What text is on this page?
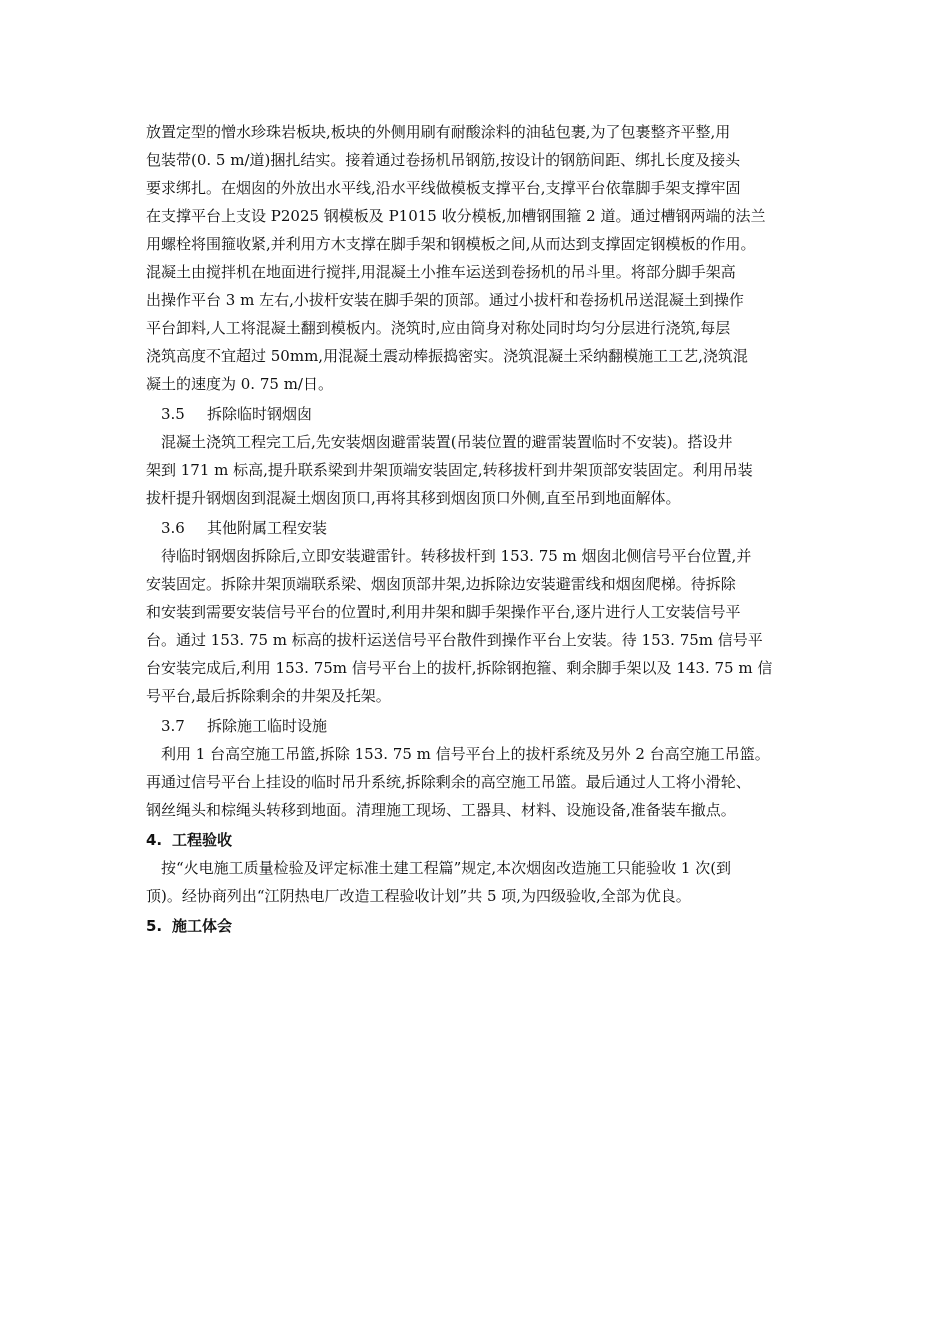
放置定型的憎水珍珠岩板块,板块的外侧用刷有耐酸涂料的油毡包裹,为了包裹整齐平整,用
包装带(0. 5 m/道)捆扎结实。接着通过卷扬机吊钢筋,按设计的钢筋间距、绑扎长度及接头
要求绑扎。在烟囱的外放出水平线,沿水平线做模板支撑平台,支撑平台依靠脚手架支撑牢固
在支撑平台上支设 P2025 钢模板及 P1015 收分模板,加槽钢围箍 2 道。通过槽钢两端的法兰
用螺栓将围箍收紧,并利用方木支撑在脚手架和钢模板之间,从而达到支撑固定钢模板的作用。
混凝土由搅拌机在地面进行搅拌,用混凝土小推车运送到卷扬机的吊斗里。将部分脚手架高
出操作平台 3 m 左右,小拔杆安装在脚手架的顶部。通过小拔杆和卷扬机吊送混凝土到操作
平台卸料,人工将混凝土翻到模板内。浇筑时,应由筒身对称处同时均匀分层进行浇筑,每层
浇筑高度不宜超过 50mm,用混凝土震动棒振捣密实。浇筑混凝土采纳翻模施工工艺,浇筑混
凝土的速度为 0. 75 m/日。
3.5 拆除临时钢烟囱
混凝土浇筑工程完工后,先安装烟囱避雷装置(吊装位置的避雷装置临时不安装)。搭设井
架到 171 m 标高,提升联系梁到井架顶端安装固定,转移拔杆到井架顶部安装固定。利用吊装
拔杆提升钢烟囱到混凝土烟囱顶口,再将其移到烟囱顶口外侧,直至吊到地面解体。
3.6 其他附属工程安装
待临时钢烟囱拆除后,立即安装避雷针。转移拔杆到 153. 75 m 烟囱北侧信号平台位置,并
安装固定。拆除井架顶端联系梁、烟囱顶部井架,边拆除边安装避雷线和烟囱爬梯。待拆除
和安装到需要安装信号平台的位置时,利用井架和脚手架操作平台,逐片进行人工安装信号平
台。通过 153. 75 m 标高的拔杆运送信号平台散件到操作平台上安装。待 153. 75m 信号平
台安装完成后,利用 153. 75m 信号平台上的拔杆,拆除钢抱箍、剩余脚手架以及 143. 75 m 信
号平台,最后拆除剩余的井架及托架。
3.7 拆除施工临时设施
利用 1 台高空施工吊篮,拆除 153. 75 m 信号平台上的拔杆系统及另外 2 台高空施工吊篮。
再通过信号平台上挂设的临时吊升系统,拆除剩余的高空施工吊篮。最后通过人工将小滑轮、
钢丝绳头和棕绳头转移到地面。清理施工现场、工器具、材料、设施设备,准备装车撤点。
4. 工程验收
按“火电施工质量检验及评定标准土建工程篇”规定,本次烟囱改造施工只能验收 1 次(到
顶)。经协商列出“江阴热电厂改造工程验收计划”共 5 项,为四级验收,全部为优良。
5. 施工体会
